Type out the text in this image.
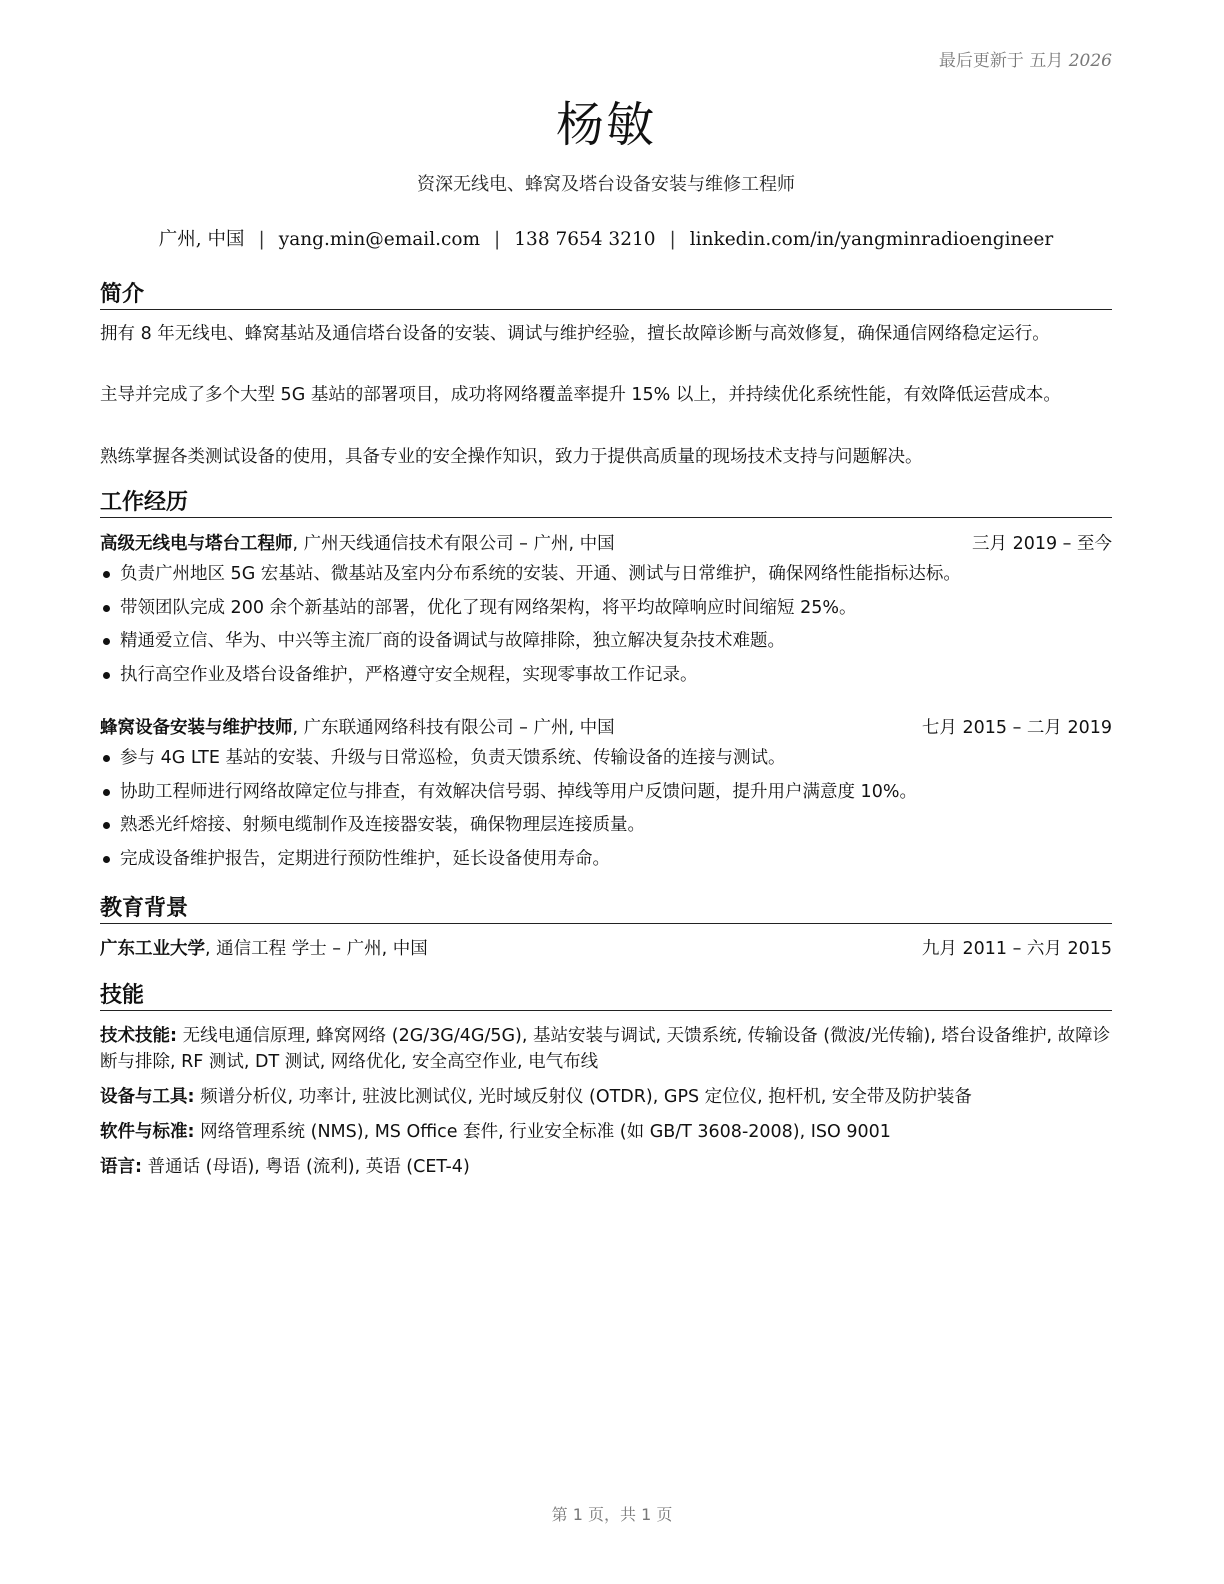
最后更新于 五月 2026
杨敏
资深无线电、蜂窝及塔台设备安装与维修工程师
广州, 中国 | yang.min@email.com | 138 7654 3210 | linkedin.com/in/yangminradioengineer
简介
拥有 8 年无线电、蜂窝基站及通信塔台设备的安装、调试与维护经验，擅长故障诊断与高效修复，确保通信网络稳定运行。
主导并完成了多个大型 5G 基站的部署项目，成功将网络覆盖率提升 15% 以上，并持续优化系统性能，有效降低运营成本。
熟练掌握各类测试设备的使用，具备专业的安全操作知识，致力于提供高质量的现场技术支持与问题解决。
工作经历
高级无线电与塔台工程师, 广州天线通信技术有限公司 – 广州, 中国	三月 2019 – 至今
负责广州地区 5G 宏基站、微基站及室内分布系统的安装、开通、测试与日常维护，确保网络性能指标达标。
带领团队完成 200 余个新基站的部署，优化了现有网络架构，将平均故障响应时间缩短 25%。
精通爱立信、华为、中兴等主流厂商的设备调试与故障排除，独立解决复杂技术难题。
执行高空作业及塔台设备维护，严格遵守安全规程，实现零事故工作记录。
蜂窝设备安装与维护技师, 广东联通网络科技有限公司 – 广州, 中国	七月 2015 – 二月 2019
参与 4G LTE 基站的安装、升级与日常巡检，负责天馈系统、传输设备的连接与测试。
协助工程师进行网络故障定位与排查，有效解决信号弱、掉线等用户反馈问题，提升用户满意度 10%。
熟悉光纤熔接、射频电缆制作及连接器安装，确保物理层连接质量。
完成设备维护报告，定期进行预防性维护，延长设备使用寿命。
教育背景
广东工业大学, 通信工程 学士 – 广州, 中国	九月 2011 – 六月 2015
技能
技术技能: 无线电通信原理, 蜂窝网络 (2G/3G/4G/5G), 基站安装与调试, 天馈系统, 传输设备 (微波/光传输), 塔台设备维护, 故障诊断与排除, RF 测试, DT 测试, 网络优化, 安全高空作业, 电气布线
设备与工具: 频谱分析仪, 功率计, 驻波比测试仪, 光时域反射仪 (OTDR), GPS 定位仪, 抱杆机, 安全带及防护装备
软件与标准: 网络管理系统 (NMS), MS Office 套件, 行业安全标准 (如 GB/T 3608-2008), ISO 9001
语言: 普通话 (母语), 粤语 (流利), 英语 (CET-4)
第 1 页，共 1 页
